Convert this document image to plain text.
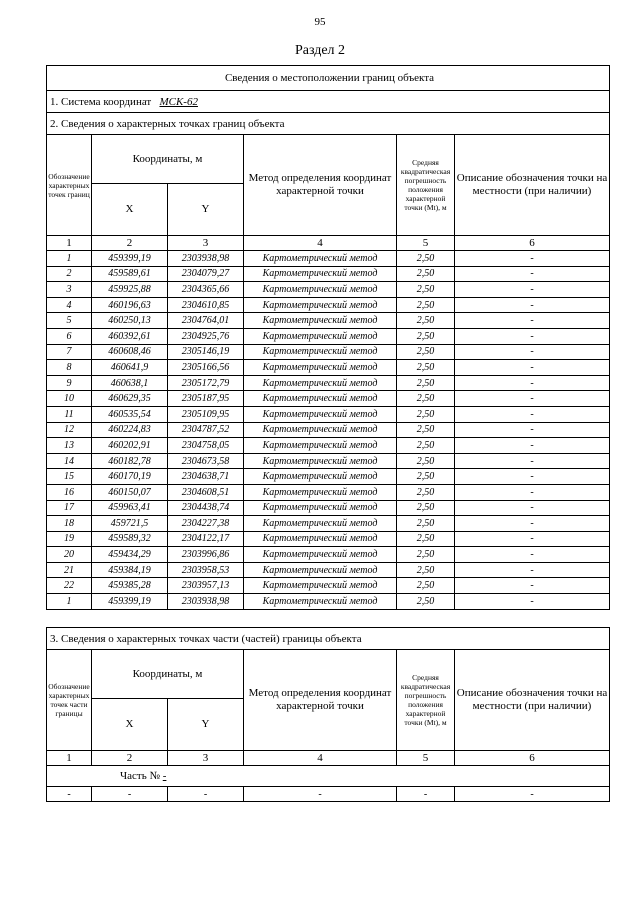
95
Раздел 2
Сведения о местоположении границ объекта					
1. Система координат МСК-62					
2. Сведения о характерных точках границ объекта					
Обозначение характерных точек границ	Координаты, м		Метод определения координат характерной точки	Средняя квадратическая погрешность положения характерной точки (Mt), м	Описание обозначения точки на местности (при наличии)
	X	Y			
1	2	3	4	5	6
1	459399,19	2303938,98	Картометрический метод	2,50	-
2	459589,61	2304079,27	Картометрический метод	2,50	-
3	459925,88	2304365,66	Картометрический метод	2,50	-
4	460196,63	2304610,85	Картометрический метод	2,50	-
5	460250,13	2304764,01	Картометрический метод	2,50	-
6	460392,61	2304925,76	Картометрический метод	2,50	-
7	460608,46	2305146,19	Картометрический метод	2,50	-
8	460641,9	2305166,56	Картометрический метод	2,50	-
9	460638,1	2305172,79	Картометрический метод	2,50	-
10	460629,35	2305187,95	Картометрический метод	2,50	-
11	460535,54	2305109,95	Картометрический метод	2,50	-
12	460224,83	2304787,52	Картометрический метод	2,50	-
13	460202,91	2304758,05	Картометрический метод	2,50	-
14	460182,78	2304673,58	Картометрический метод	2,50	-
15	460170,19	2304638,71	Картометрический метод	2,50	-
16	460150,07	2304608,51	Картометрический метод	2,50	-
17	459963,41	2304438,74	Картометрический метод	2,50	-
18	459721,5	2304227,38	Картометрический метод	2,50	-
19	459589,32	2304122,17	Картометрический метод	2,50	-
20	459434,29	2303996,86	Картометрический метод	2,50	-
21	459384,19	2303958,53	Картометрический метод	2,50	-
22	459385,28	2303957,13	Картометрический метод	2,50	-
1	459399,19	2303938,98	Картометрический метод	2,50	-
3. Сведения о характерных точках части (частей) границы объекта					
Обозначение характерных точек части границы	Координаты, м		Метод определения координат характерной точки	Средняя квадратическая погрешность положения характерной точки (Mt), м	Описание обозначения точки на местности (при наличии)
	X	Y			
1	2	3	4	5	6
Часть № -					
-	-	-	-	-	-
